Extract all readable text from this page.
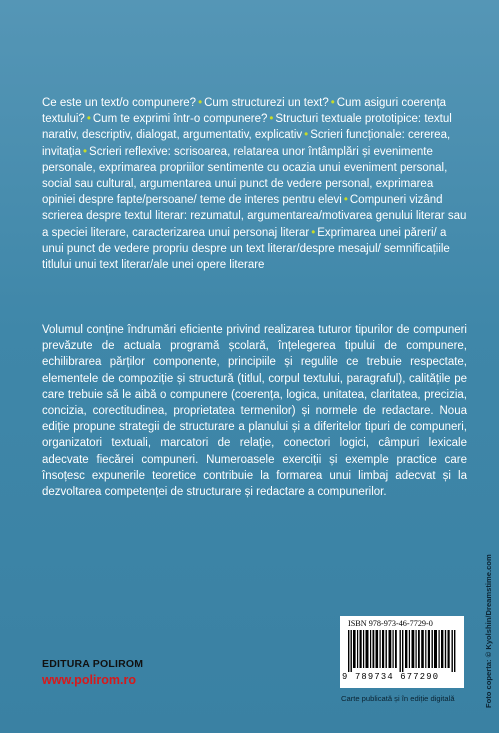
Ce este un text/o compunere? • Cum structurezi un text? • Cum asiguri coerența textului? • Cum te exprimi într-o compunere? • Structuri textuale prototipice: textul narativ, descriptiv, dialogat, argumentativ, explicativ • Scrieri funcționale: cererea, invitația • Scrieri reflexive: scrisoarea, relatarea unor întâmplări și evenimente personale, exprimarea propriilor sentimente cu ocazia unui eveniment personal, social sau cultural, argumentarea unui punct de vedere personal, exprimarea opiniei despre fapte/persoane/ teme de interes pentru elevi • Compuneri vizând scrierea despre textul literar: rezumatul, argumentarea/motivarea genului literar sau a speciei literare, caracterizarea unui personaj literar • Exprimarea unei păreri/ a unui punct de vedere propriu despre un text literar/despre mesajul/ semnificațiile titlului unui text literar/ale unei opere literare
Volumul conține îndrumări eficiente privind realizarea tuturor tipurilor de compuneri prevăzute de actuala programă școlară, înțelegerea tipului de compunere, echilibrarea părților componente, principiile și regulile ce trebuie respectate, elementele de compoziție și structură (titlul, corpul textului, paragraful), calitățile pe care trebuie să le aibă o compunere (coerența, logica, unitatea, claritatea, precizia, concizia, corectitudinea, proprietatea termenilor) și normele de redactare. Noua ediție propune strategii de structurare a planului și a diferitelor tipuri de compuneri, organizatori textuali, marcatori de relație, conectori logici, câmpuri lexicale adecvate fiecărei compuneri. Numeroasele exerciții și exemple practice care însoțesc expunerile teoretice contribuie la formarea unui limbaj adecvat și la dezvoltarea competenței de structurare și redactare a compunerilor.
EDITURA POLIROM
www.polirom.ro
ISBN 978-973-46-7729-0
9 789734 677290
Carte publicată și în ediție digitală	Foto coperta: © Kyolshin/Dreamstime.com
